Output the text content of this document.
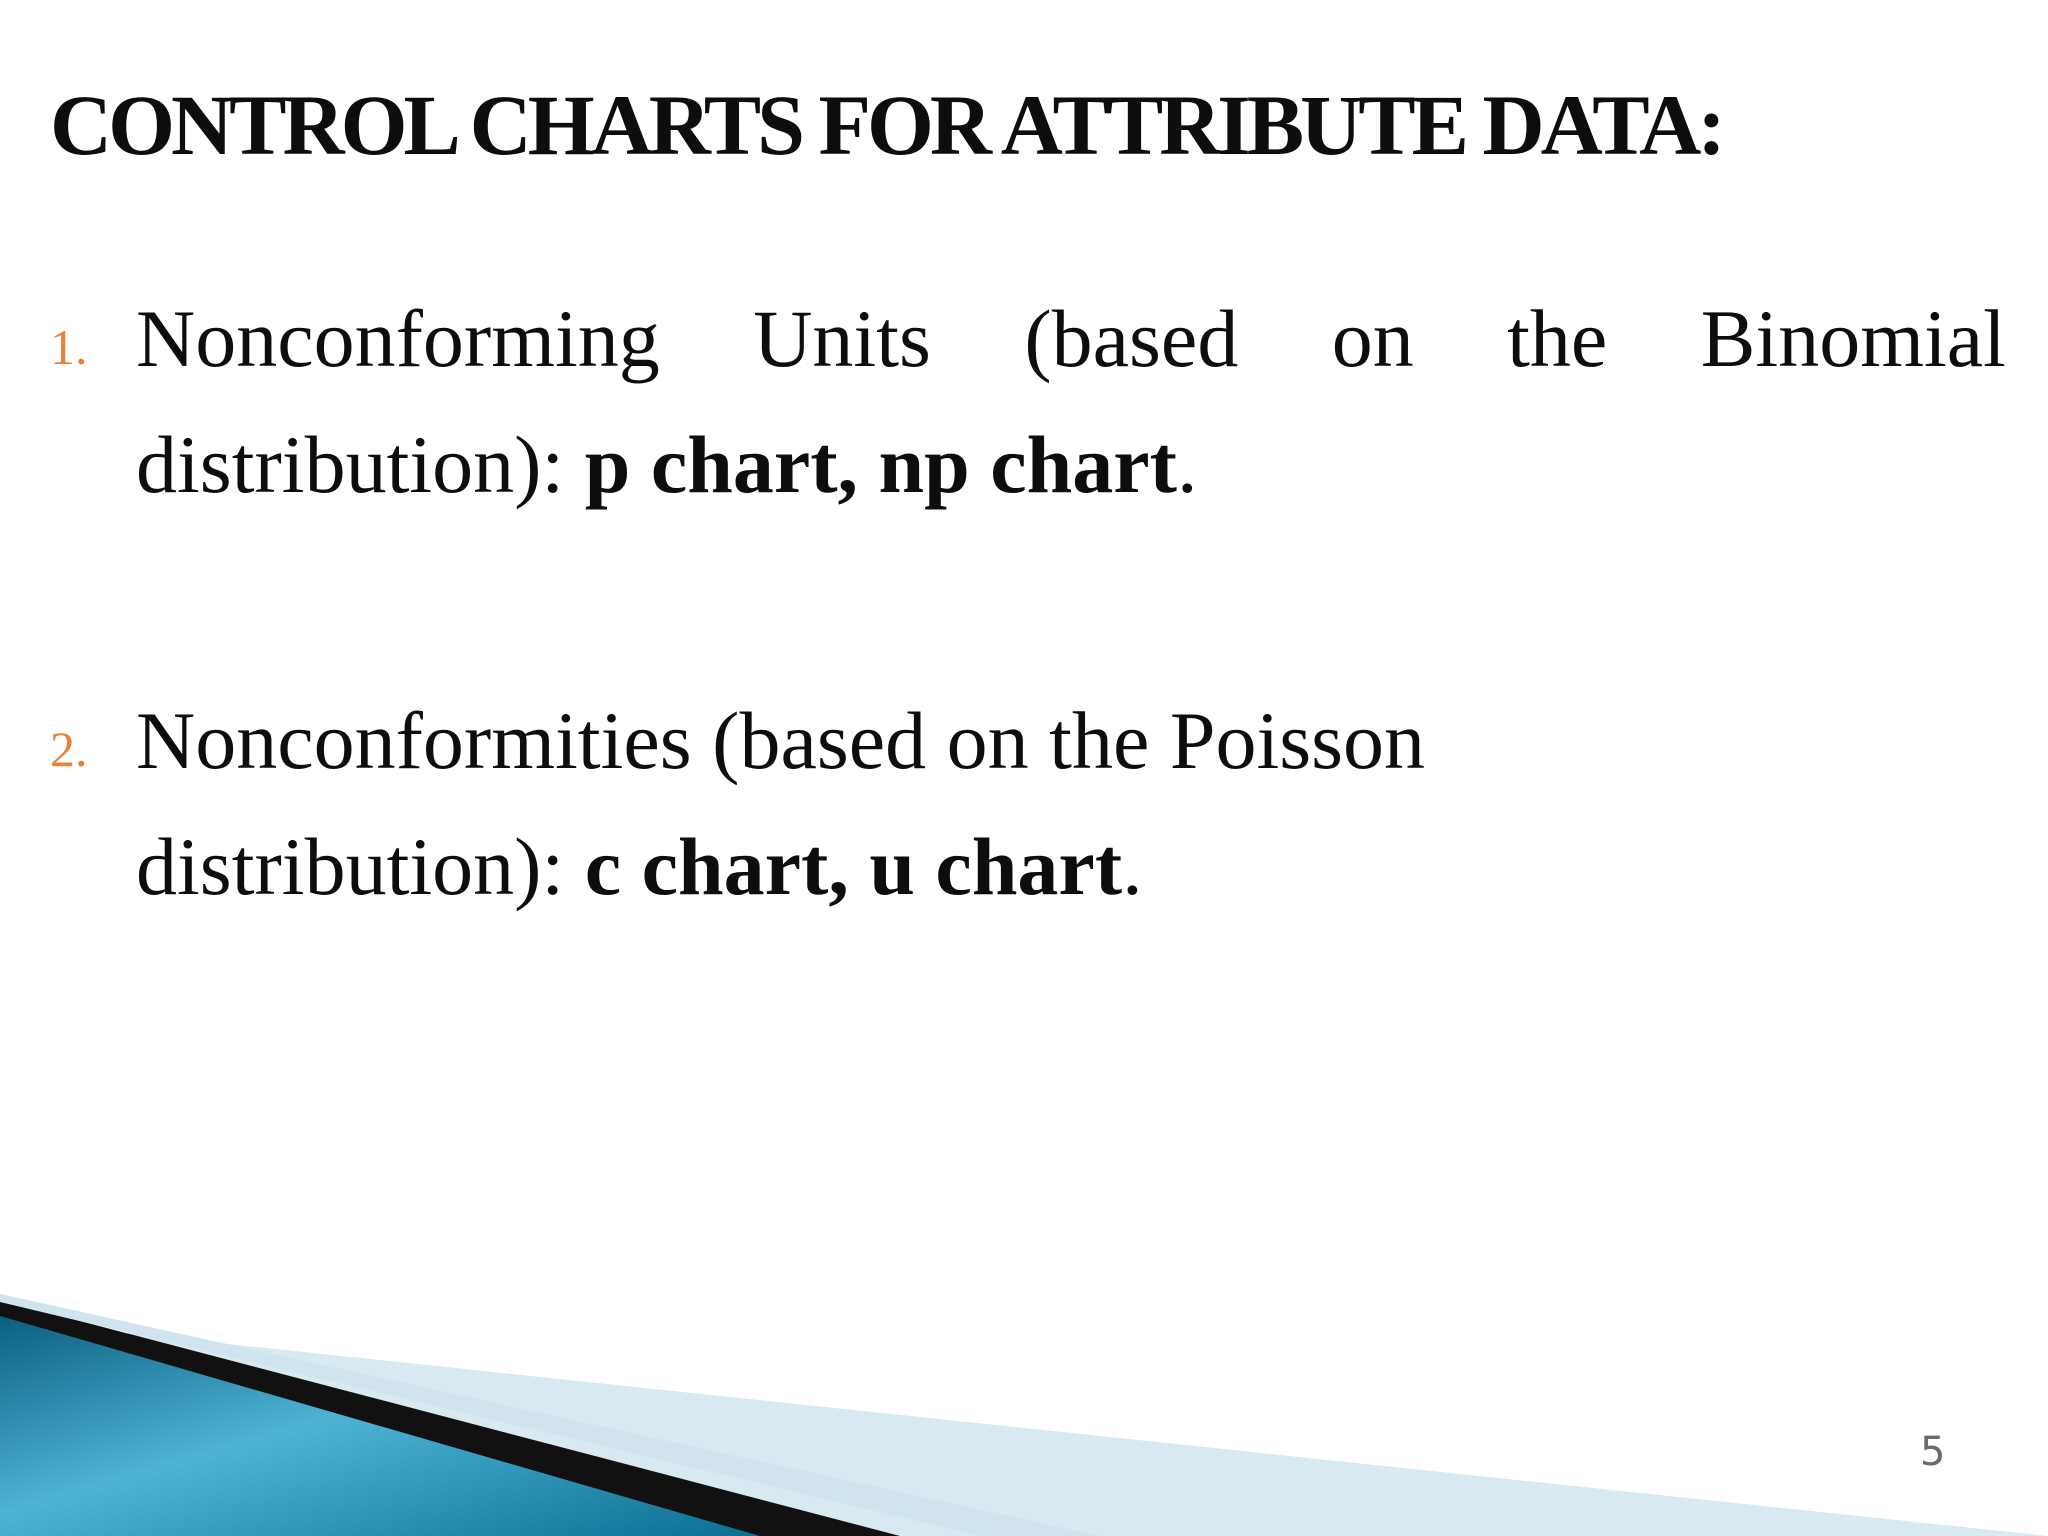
CONTROL CHARTS FOR ATTRIBUTE DATA:
1. Nonconforming Units (based on the Binomial
distribution): p chart, np chart.
2. Nonconformities (based on the Poisson
distribution): c chart, u chart.
5
